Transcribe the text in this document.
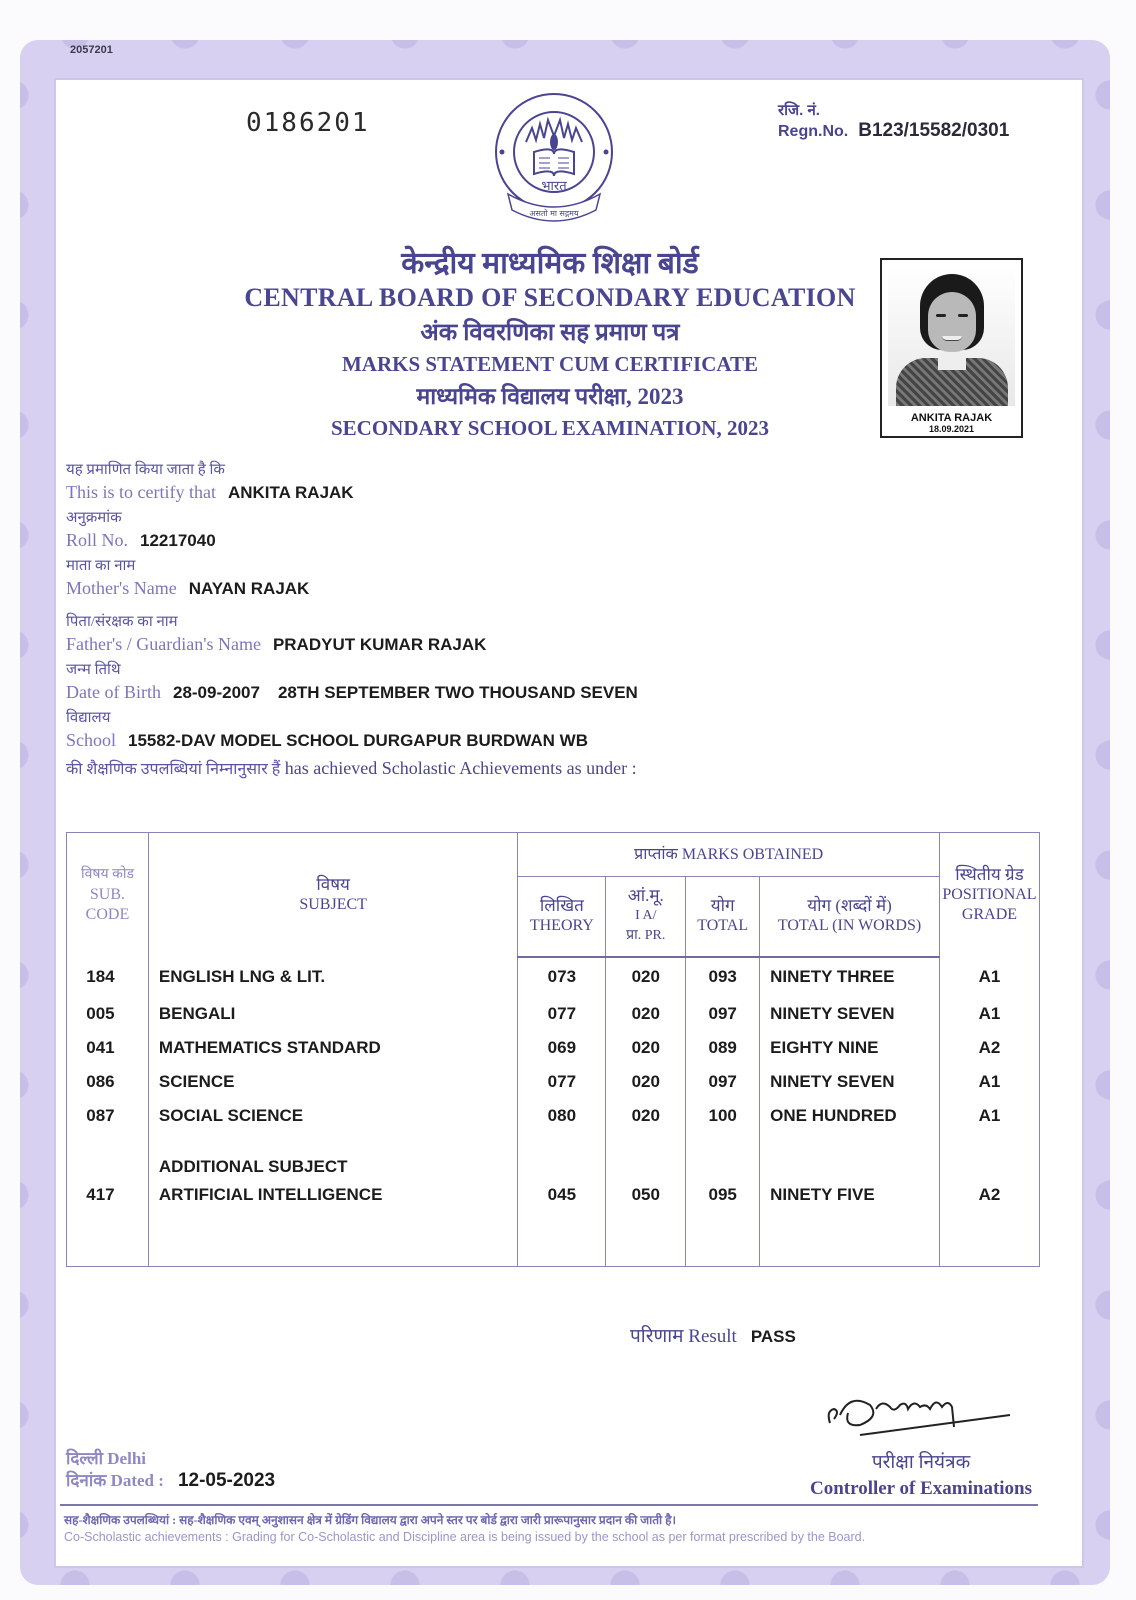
2057201
0186201	रजि. नं.
Regn.No. B123/15582/0301
भारत
असतो मा सद्गमय
केन्द्रीय माध्यमिक शिक्षा बोर्ड
CENTRAL BOARD OF SECONDARY EDUCATION
अंक विवरणिका सह प्रमाण पत्र
MARKS STATEMENT CUM CERTIFICATE
माध्यमिक विद्यालय परीक्षा, 2023
SECONDARY SCHOOL EXAMINATION, 2023	ANKITA RAJAK
18.09.2021
यह प्रमाणित किया जाता है कि
This is to certify that ANKITA RAJAK
अनुक्रमांक
Roll No. 12217040
माता का नाम
Mother's Name NAYAN RAJAK
पिता/संरक्षक का नाम
Father's / Guardian's Name PRADYUT KUMAR RAJAK
जन्म तिथि
Date of Birth 28-09-2007 28TH SEPTEMBER TWO THOUSAND SEVEN
विद्यालय
School 15582-DAV MODEL SCHOOL DURGAPUR BURDWAN WB
की शैक्षणिक उपलब्धियां निम्नानुसार हैं has achieved Scholastic Achievements as under :
विषय कोड
SUB. CODE	विषय
SUBJECT	प्राप्तांक MARKS OBTAINED				स्थितीय ग्रेड
POSITIONAL GRADE

		लिखित
THEORY	आं.मू.
I A/
प्रा. PR.	योग
TOTAL	योग (शब्दों में)
TOTAL (IN WORDS)	
184	ENGLISH LNG & LIT.	073	020	093	NINETY THREE	A1
005	BENGALI	077	020	097	NINETY SEVEN	A1
041	MATHEMATICS STANDARD	069	020	089	EIGHTY NINE	A2
086	SCIENCE	077	020	097	NINETY SEVEN	A1
087	SOCIAL SCIENCE	080	020	100	ONE HUNDRED	A1
	ADDITIONAL SUBJECT					
417	ARTIFICIAL INTELLIGENCE	045	050	095	NINETY FIVE	A2
परिणाम Result PASS
परीक्षा नियंत्रक
Controller of Examinations
दिल्ली Delhi
दिनांक Dated : 12-05-2023
सह-शैक्षणिक उपलब्धियां : सह-शैक्षणिक एवम् अनुशासन क्षेत्र में ग्रेडिंग विद्यालय द्वारा अपने स्तर पर बोर्ड द्वारा जारी प्रारूपानुसार प्रदान की जाती है।
Co-Scholastic achievements : Grading for Co-Scholastic and Discipline area is being issued by the school as per format prescribed by the Board.
